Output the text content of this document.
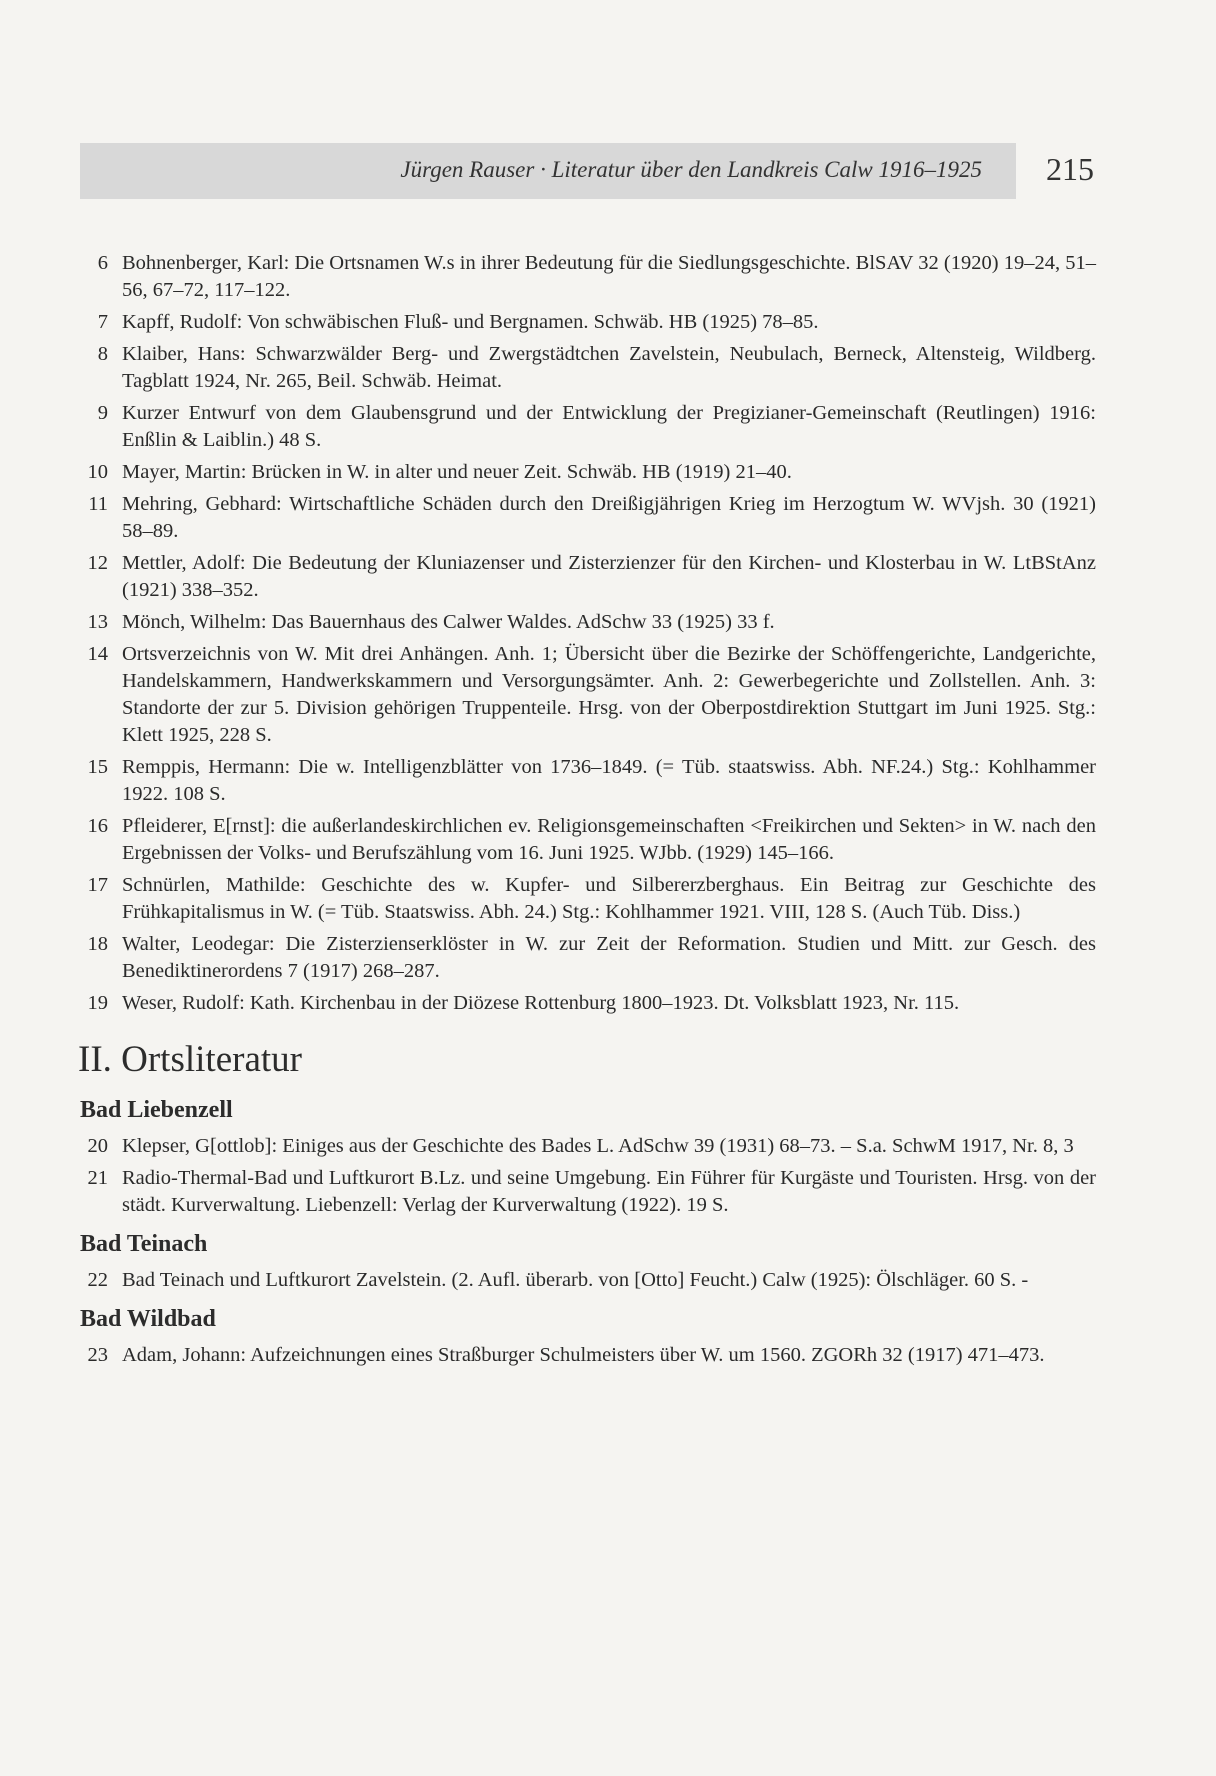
Jürgen Rauser · Literatur über den Landkreis Calw 1916–1925 215
6 Bohnenberger, Karl: Die Ortsnamen W.s in ihrer Bedeutung für die Siedlungsgeschichte. BlSAV 32 (1920) 19–24, 51–56, 67–72, 117–122.
7 Kapff, Rudolf: Von schwäbischen Fluß- und Bergnamen. Schwäb. HB (1925) 78–85.
8 Klaiber, Hans: Schwarzwälder Berg- und Zwergstädtchen Zavelstein, Neubulach, Berneck, Altensteig, Wildberg. Tagblatt 1924, Nr. 265, Beil. Schwäb. Heimat.
9 Kurzer Entwurf von dem Glaubensgrund und der Entwicklung der Pregizianer-Gemeinschaft (Reutlingen) 1916: Enßlin & Laiblin.) 48 S.
10 Mayer, Martin: Brücken in W. in alter und neuer Zeit. Schwäb. HB (1919) 21–40.
11 Mehring, Gebhard: Wirtschaftliche Schäden durch den Dreißigjährigen Krieg im Herzogtum W. WVjsh. 30 (1921) 58–89.
12 Mettler, Adolf: Die Bedeutung der Kluniazenser und Zisterzienzer für den Kirchen- und Klosterbau in W. LtBStAnz (1921) 338–352.
13 Mönch, Wilhelm: Das Bauernhaus des Calwer Waldes. AdSchw 33 (1925) 33 f.
14 Ortsverzeichnis von W. Mit drei Anhängen. Anh. 1; Übersicht über die Bezirke der Schöffengerichte, Landgerichte, Handelskammern, Handwerkskammern und Versorgungsämter. Anh. 2: Gewerbegerichte und Zollstellen. Anh. 3: Standorte der zur 5. Division gehörigen Truppenteile. Hrsg. von der Oberpostdirektion Stuttgart im Juni 1925. Stg.: Klett 1925, 228 S.
15 Remppis, Hermann: Die w. Intelligenzblätter von 1736–1849. (= Tüb. staatswiss. Abh. NF.24.) Stg.: Kohlhammer 1922. 108 S.
16 Pfleiderer, E[rnst]: die außerlandeskirchlichen ev. Religionsgemeinschaften <Freikirchen und Sekten> in W. nach den Ergebnissen der Volks- und Berufszählung vom 16. Juni 1925. WJbb. (1929) 145–166.
17 Schnürlen, Mathilde: Geschichte des w. Kupfer- und Silbererzberghaus. Ein Beitrag zur Geschichte des Frühkapitalismus in W. (= Tüb. Staatswiss. Abh. 24.) Stg.: Kohlhammer 1921. VIII, 128 S. (Auch Tüb. Diss.)
18 Walter, Leodegar: Die Zisterzienserklöster in W. zur Zeit der Reformation. Studien und Mitt. zur Gesch. des Benediktinerordens 7 (1917) 268–287.
19 Weser, Rudolf: Kath. Kirchenbau in der Diözese Rottenburg 1800–1923. Dt. Volksblatt 1923, Nr. 115.
II. Ortsliteratur
Bad Liebenzell
20 Klepser, G[ottlob]: Einiges aus der Geschichte des Bades L. AdSchw 39 (1931) 68–73. – S.a. SchwM 1917, Nr. 8, 3
21 Radio-Thermal-Bad und Luftkurort B.Lz. und seine Umgebung. Ein Führer für Kurgäste und Touristen. Hrsg. von der städt. Kurverwaltung. Liebenzell: Verlag der Kurverwaltung (1922). 19 S.
Bad Teinach
22 Bad Teinach und Luftkurort Zavelstein. (2. Aufl. überarb. von [Otto] Feucht.) Calw (1925): Ölschläger. 60 S. -
Bad Wildbad
23 Adam, Johann: Aufzeichnungen eines Straßburger Schulmeisters über W. um 1560. ZGORh 32 (1917) 471–473.
